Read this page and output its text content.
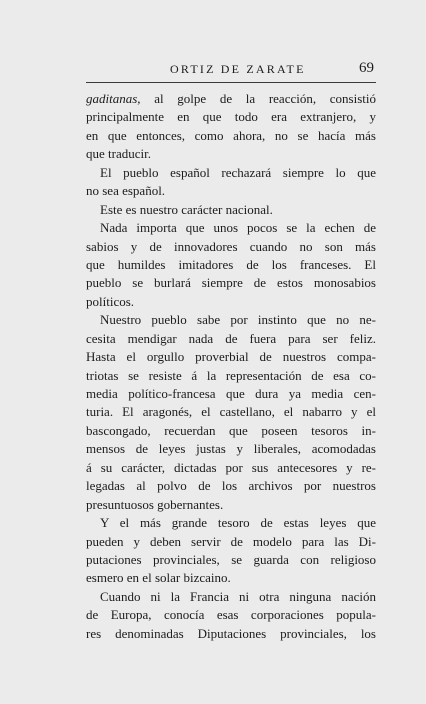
ORTIZ DE ZARATE	69
gaditanas, al golpe de la reacción, consistió
principalmente en que todo era extranjero, y
en que entonces, como ahora, no se hacía más
que traducir.
El pueblo español rechazará siempre lo que
no sea español.
Este es nuestro carácter nacional.
Nada importa que unos pocos se la echen de
sabios y de innovadores cuando no son más
que humildes imitadores de los franceses. El
pueblo se burlará siempre de estos monosabios
políticos.
Nuestro pueblo sabe por instinto que no ne-
cesita mendigar nada de fuera para ser feliz.
Hasta el orgullo proverbial de nuestros compa-
triotas se resiste á la representación de esa co-
media político-francesa que dura ya media cen-
turia. El aragonés, el castellano, el nabarro y el
bascongado, recuerdan que poseen tesoros in-
mensos de leyes justas y liberales, acomodadas
á su carácter, dictadas por sus antecesores y re-
legadas al polvo de los archivos por nuestros
presuntuosos gobernantes.
Y el más grande tesoro de estas leyes que
pueden y deben servir de modelo para las Di-
putaciones provinciales, se guarda con religioso
esmero en el solar bizcaino.
Cuando ni la Francia ni otra ninguna nación
de Europa, conocía esas corporaciones popula-
res denominadas Diputaciones provinciales, los
